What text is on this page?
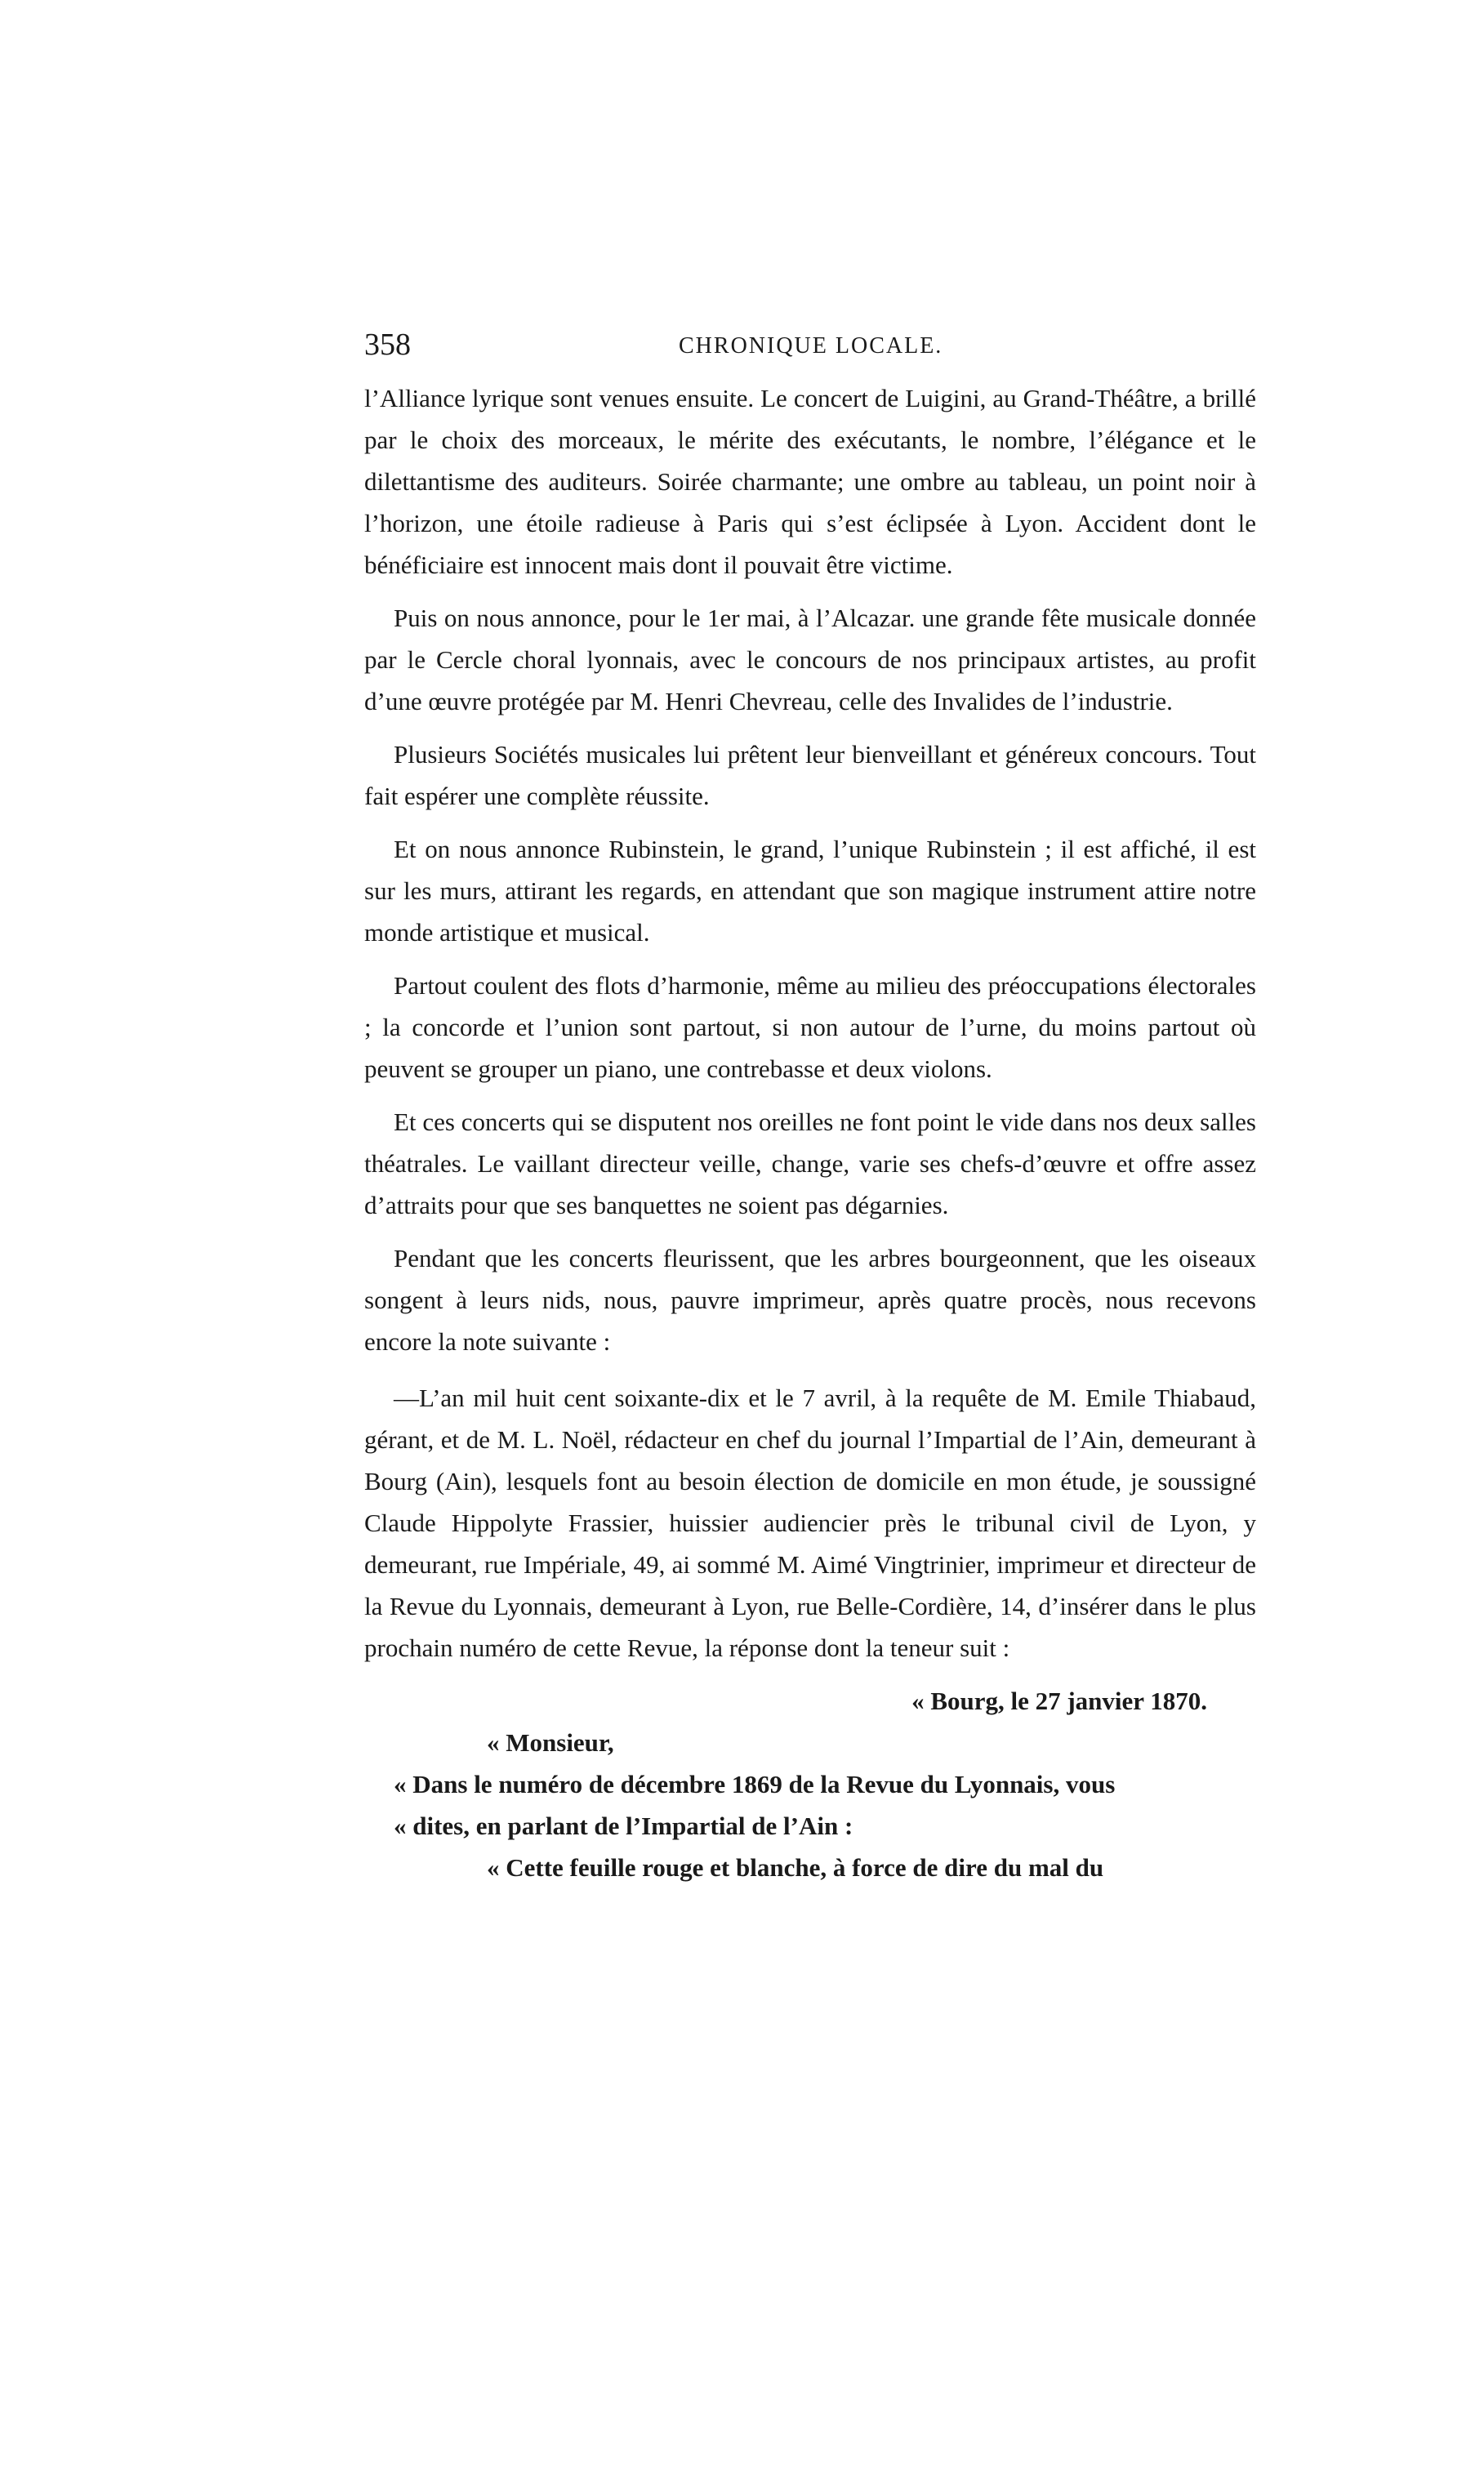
358	CHRONIQUE LOCALE.

l’Alliance lyrique sont venues ensuite. Le concert de Luigini, au Grand-Théâtre, a brillé par le choix des morceaux, le mérite des exécutants, le nombre, l’élégance et le dilettantisme des auditeurs. Soirée charmante; une ombre au tableau, un point noir à l’horizon, une étoile radieuse à Paris qui s’est éclipsée à Lyon. Accident dont le bénéficiaire est innocent mais dont il pouvait être victime.

Puis on nous annonce, pour le 1er mai, à l’Alcazar. une grande fête musicale donnée par le Cercle choral lyonnais, avec le concours de nos principaux artistes, au profit d’une œuvre protégée par M. Henri Chevreau, celle des Invalides de l’industrie.

Plusieurs Sociétés musicales lui prêtent leur bienveillant et généreux concours. Tout fait espérer une complète réussite.

Et on nous annonce Rubinstein, le grand, l’unique Rubinstein ; il est affiché, il est sur les murs, attirant les regards, en attendant que son magique instrument attire notre monde artistique et musical.

Partout coulent des flots d’harmonie, même au milieu des préoccupations électorales ; la concorde et l’union sont partout, si non autour de l’urne, du moins partout où peuvent se grouper un piano, une contrebasse et deux violons.

Et ces concerts qui se disputent nos oreilles ne font point le vide dans nos deux salles théatrales. Le vaillant directeur veille, change, varie ses chefs-d’œuvre et offre assez d’attraits pour que ses banquettes ne soient pas dégarnies.

Pendant que les concerts fleurissent, que les arbres bourgeonnent, que les oiseaux songent à leurs nids, nous, pauvre imprimeur, après quatre procès, nous recevons encore la note suivante :

—L’an mil huit cent soixante-dix et le 7 avril, à la requête de M. Emile Thiabaud, gérant, et de M. L. Noël, rédacteur en chef du journal l’Impartial de l’Ain, demeurant à Bourg (Ain), lesquels font au besoin élection de domicile en mon étude, je soussigné Claude Hippolyte Frassier, huissier audiencier près le tribunal civil de Lyon, y demeurant, rue Impériale, 49, ai sommé M. Aimé Vingtrinier, imprimeur et directeur de la Revue du Lyonnais, demeurant à Lyon, rue Belle-Cordière, 14, d’insérer dans le plus prochain numéro de cette Revue, la réponse dont la teneur suit :

« Bourg, le 27 janvier 1870.

« Monsieur,

« Dans le numéro de décembre 1869 de la Revue du Lyonnais, vous

« dites, en parlant de l’Impartial de l’Ain :

« Cette feuille rouge et blanche, à force de dire du mal du
